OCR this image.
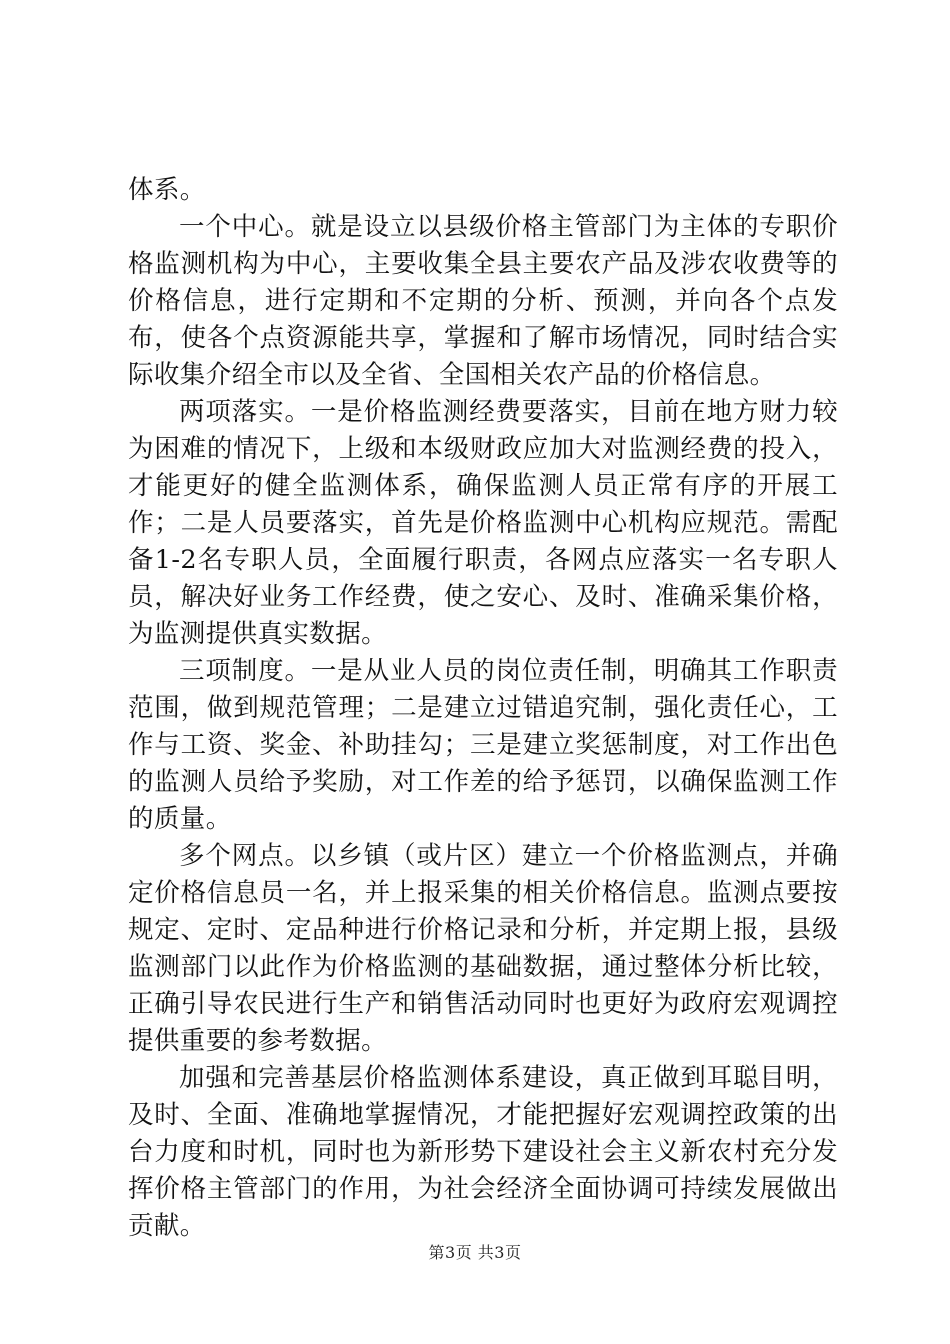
体系。

一个中心。就是设立以县级价格主管部门为主体的专职价格监测机构为中心，主要收集全县主要农产品及涉农收费等的价格信息，进行定期和不定期的分析、预测，并向各个点发布，使各个点资源能共享，掌握和了解市场情况，同时结合实际收集介绍全市以及全省、全国相关农产品的价格信息。

两项落实。一是价格监测经费要落实，目前在地方财力较为困难的情况下，上级和本级财政应加大对监测经费的投入，才能更好的健全监测体系，确保监测人员正常有序的开展工作；二是人员要落实，首先是价格监测中心机构应规范。需配备1-2名专职人员，全面履行职责，各网点应落实一名专职人员，解决好业务工作经费，使之安心、及时、准确采集价格，为监测提供真实数据。

三项制度。一是从业人员的岗位责任制，明确其工作职责范围，做到规范管理；二是建立过错追究制，强化责任心，工作与工资、奖金、补助挂勾；三是建立奖惩制度，对工作出色的监测人员给予奖励，对工作差的给予惩罚，以确保监测工作的质量。

多个网点。以乡镇（或片区）建立一个价格监测点，并确定价格信息员一名，并上报采集的相关价格信息。监测点要按规定、定时、定品种进行价格记录和分析，并定期上报，县级监测部门以此作为价格监测的基础数据，通过整体分析比较，正确引导农民进行生产和销售活动同时也更好为政府宏观调控提供重要的参考数据。

加强和完善基层价格监测体系建设，真正做到耳聪目明，及时、全面、准确地掌握情况，才能把握好宏观调控政策的出台力度和时机，同时也为新形势下建设社会主义新农村充分发挥价格主管部门的作用，为社会经济全面协调可持续发展做出贡献。

第3页 共3页
